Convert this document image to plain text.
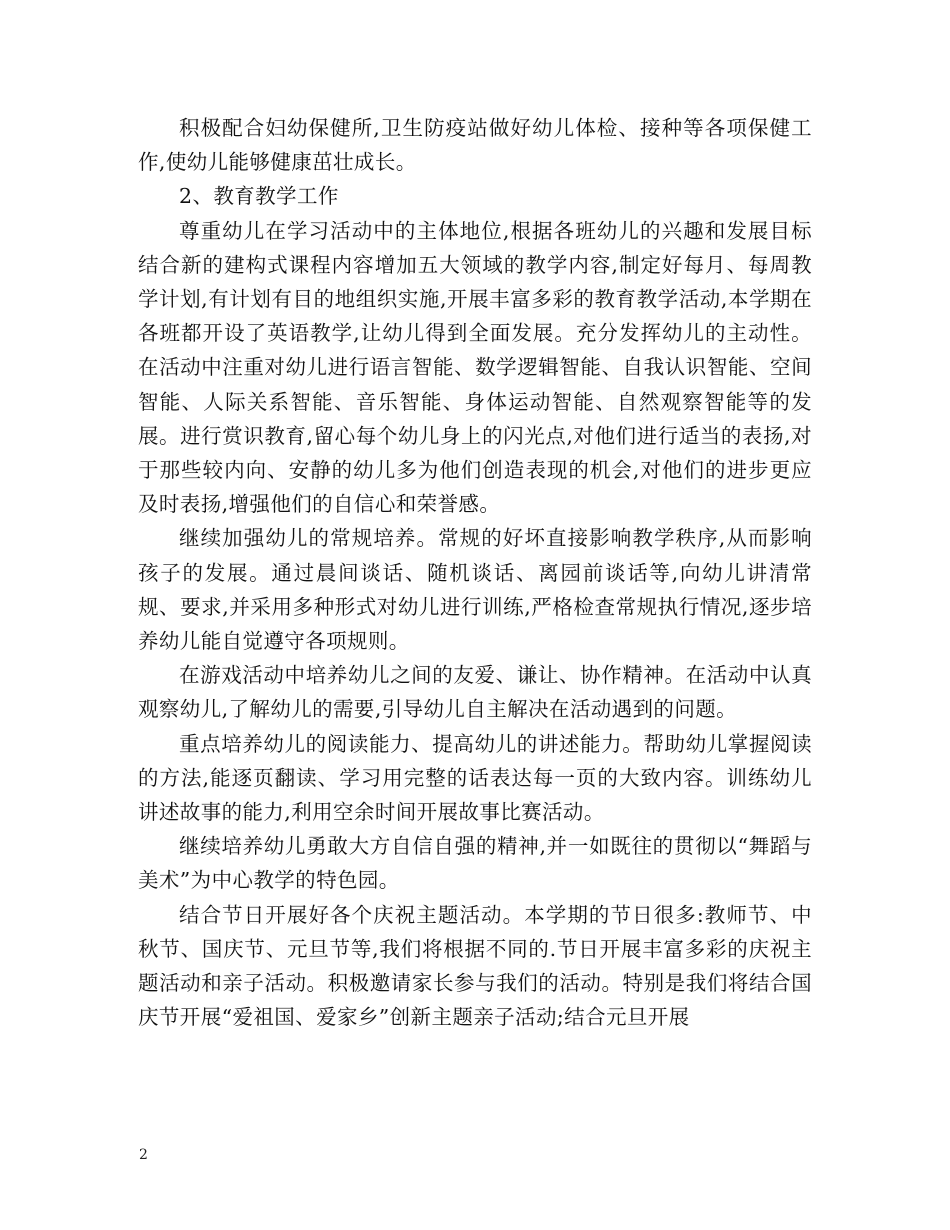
积极配合妇幼保健所,卫生防疫站做好幼儿体检、接种等各项保健工作,使幼儿能够健康茁壮成长。

2、教育教学工作

尊重幼儿在学习活动中的主体地位,根据各班幼儿的兴趣和发展目标结合新的建构式课程内容增加五大领域的教学内容,制定好每月、每周教学计划,有计划有目的地组织实施,开展丰富多彩的教育教学活动,本学期在各班都开设了英语教学,让幼儿得到全面发展。充分发挥幼儿的主动性。在活动中注重对幼儿进行语言智能、数学逻辑智能、自我认识智能、空间智能、人际关系智能、音乐智能、身体运动智能、自然观察智能等的发展。进行赏识教育,留心每个幼儿身上的闪光点,对他们进行适当的表扬,对于那些较内向、安静的幼儿多为他们创造表现的机会,对他们的进步更应及时表扬,增强他们的自信心和荣誉感。

继续加强幼儿的常规培养。常规的好坏直接影响教学秩序,从而影响孩子的发展。通过晨间谈话、随机谈话、离园前谈话等,向幼儿讲清常规、要求,并采用多种形式对幼儿进行训练,严格检查常规执行情况,逐步培养幼儿能自觉遵守各项规则。

在游戏活动中培养幼儿之间的友爱、谦让、协作精神。在活动中认真观察幼儿,了解幼儿的需要,引导幼儿自主解决在活动遇到的问题。

重点培养幼儿的阅读能力、提高幼儿的讲述能力。帮助幼儿掌握阅读的方法,能逐页翻读、学习用完整的话表达每一页的大致内容。训练幼儿讲述故事的能力,利用空余时间开展故事比赛活动。

继续培养幼儿勇敢大方自信自强的精神,并一如既往的贯彻以“舞蹈与美术”为中心教学的特色园。

结合节日开展好各个庆祝主题活动。本学期的节日很多:教师节、中秋节、国庆节、元旦节等,我们将根据不同的.节日开展丰富多彩的庆祝主题活动和亲子活动。积极邀请家长参与我们的活动。特别是我们将结合国庆节开展“爱祖国、爱家乡”创新主题亲子活动;结合元旦开展

2
